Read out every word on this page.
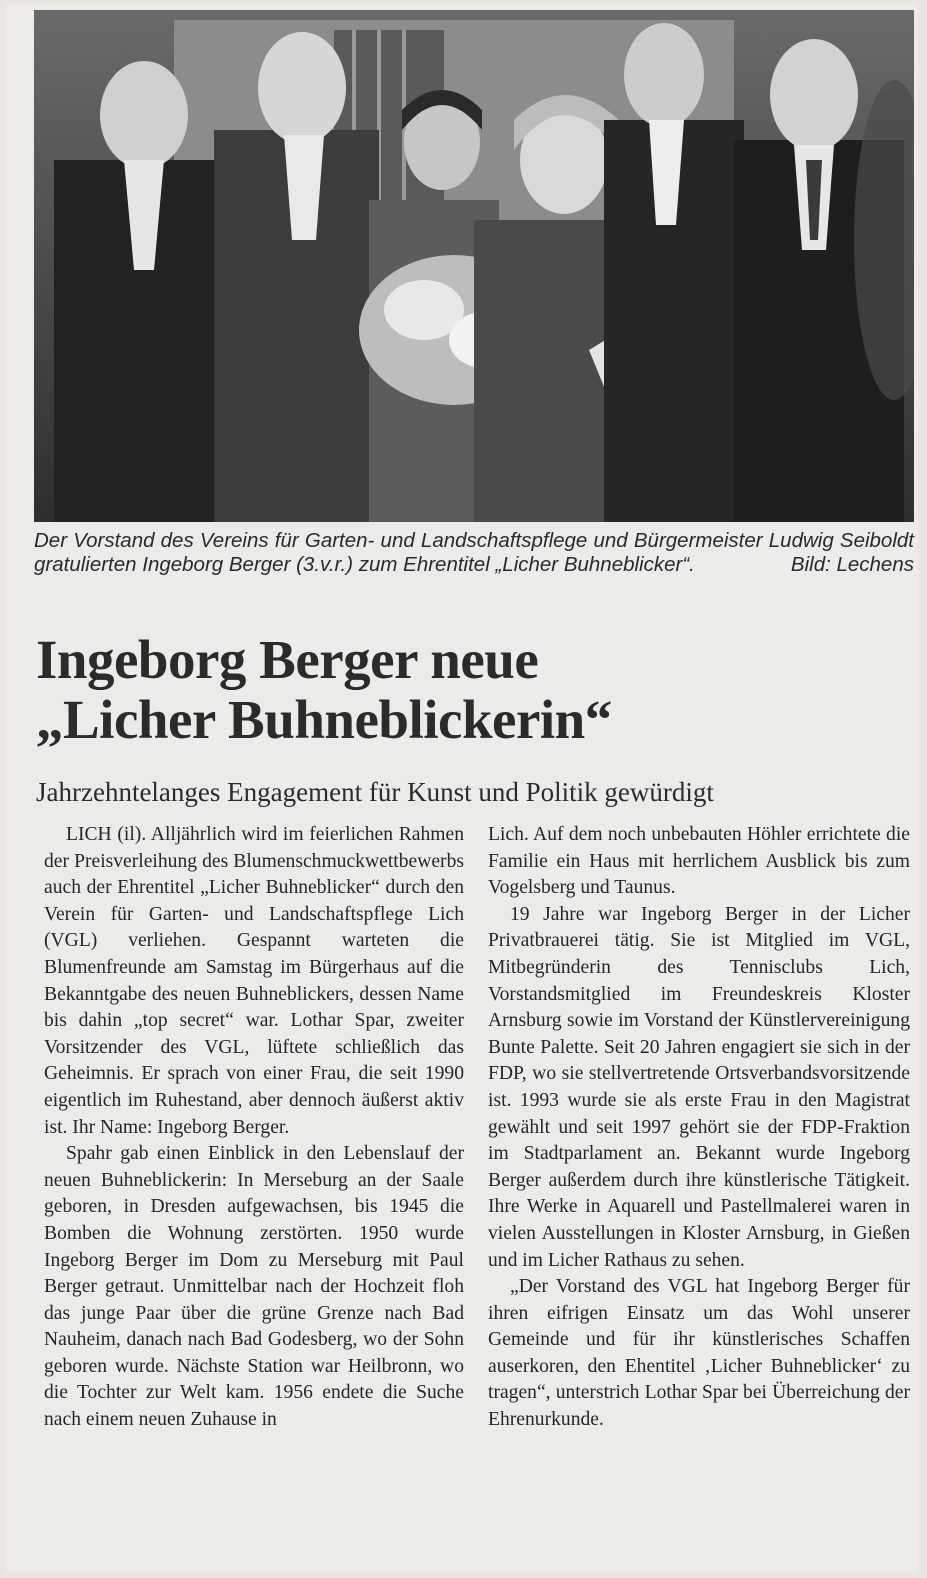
Der Vorstand des Vereins für Garten- und Landschaftspflege und Bürgermeister Ludwig Seiboldt gratulierten Ingeborg Berger (3.v.r.) zum Ehrentitel „Licher Buhneblicker“.	Bild: Lechens
Ingeborg Berger neue
„Licher Buhneblickerin“
Jahrzehntelanges Engagement für Kunst und Politik gewürdigt

LICH (il). Alljährlich wird im feierlichen Rahmen der Preisverleihung des Blumenschmuckwettbewerbs auch der Ehrentitel „Licher Buhneblicker“ durch den Verein für Garten- und Landschaftspflege Lich (VGL) verliehen. Gespannt warteten die Blumenfreunde am Samstag im Bürgerhaus auf die Bekanntgabe des neuen Buhneblickers, dessen Name bis dahin „top secret“ war. Lothar Spar, zweiter Vorsitzender des VGL, lüftete schließlich das Geheimnis. Er sprach von einer Frau, die seit 1990 eigentlich im Ruhestand, aber dennoch äußerst aktiv ist. Ihr Name: Ingeborg Berger.

Spahr gab einen Einblick in den Lebenslauf der neuen Buhneblickerin: In Merseburg an der Saale geboren, in Dresden aufgewachsen, bis 1945 die Bomben die Wohnung zerstörten. 1950 wurde Ingeborg Berger im Dom zu Merseburg mit Paul Berger getraut. Unmittelbar nach der Hochzeit floh das junge Paar über die grüne Grenze nach Bad Nauheim, danach nach Bad Godesberg, wo der Sohn geboren wurde. Nächste Station war Heilbronn, wo die Tochter zur Welt kam. 1956 endete die Suche nach einem neuen Zuhause in

Lich. Auf dem noch unbebauten Höhler errichtete die Familie ein Haus mit herrlichem Ausblick bis zum Vogelsberg und Taunus.

19 Jahre war Ingeborg Berger in der Licher Privatbrauerei tätig. Sie ist Mitglied im VGL, Mitbegründerin des Tennisclubs Lich, Vorstandsmitglied im Freundeskreis Kloster Arnsburg sowie im Vorstand der Künstlervereinigung Bunte Palette. Seit 20 Jahren engagiert sie sich in der FDP, wo sie stellvertretende Ortsverbandsvorsitzende ist. 1993 wurde sie als erste Frau in den Magistrat gewählt und seit 1997 gehört sie der FDP-Fraktion im Stadtparlament an. Bekannt wurde Ingeborg Berger außerdem durch ihre künstlerische Tätigkeit. Ihre Werke in Aquarell und Pastellmalerei waren in vielen Ausstellungen in Kloster Arnsburg, in Gießen und im Licher Rathaus zu sehen.

„Der Vorstand des VGL hat Ingeborg Berger für ihren eifrigen Einsatz um das Wohl unserer Gemeinde und für ihr künstlerisches Schaffen auserkoren, den Ehentitel ‚Licher Buhneblicker‘ zu tragen“, unterstrich Lothar Spar bei Überreichung der Ehrenurkunde.
